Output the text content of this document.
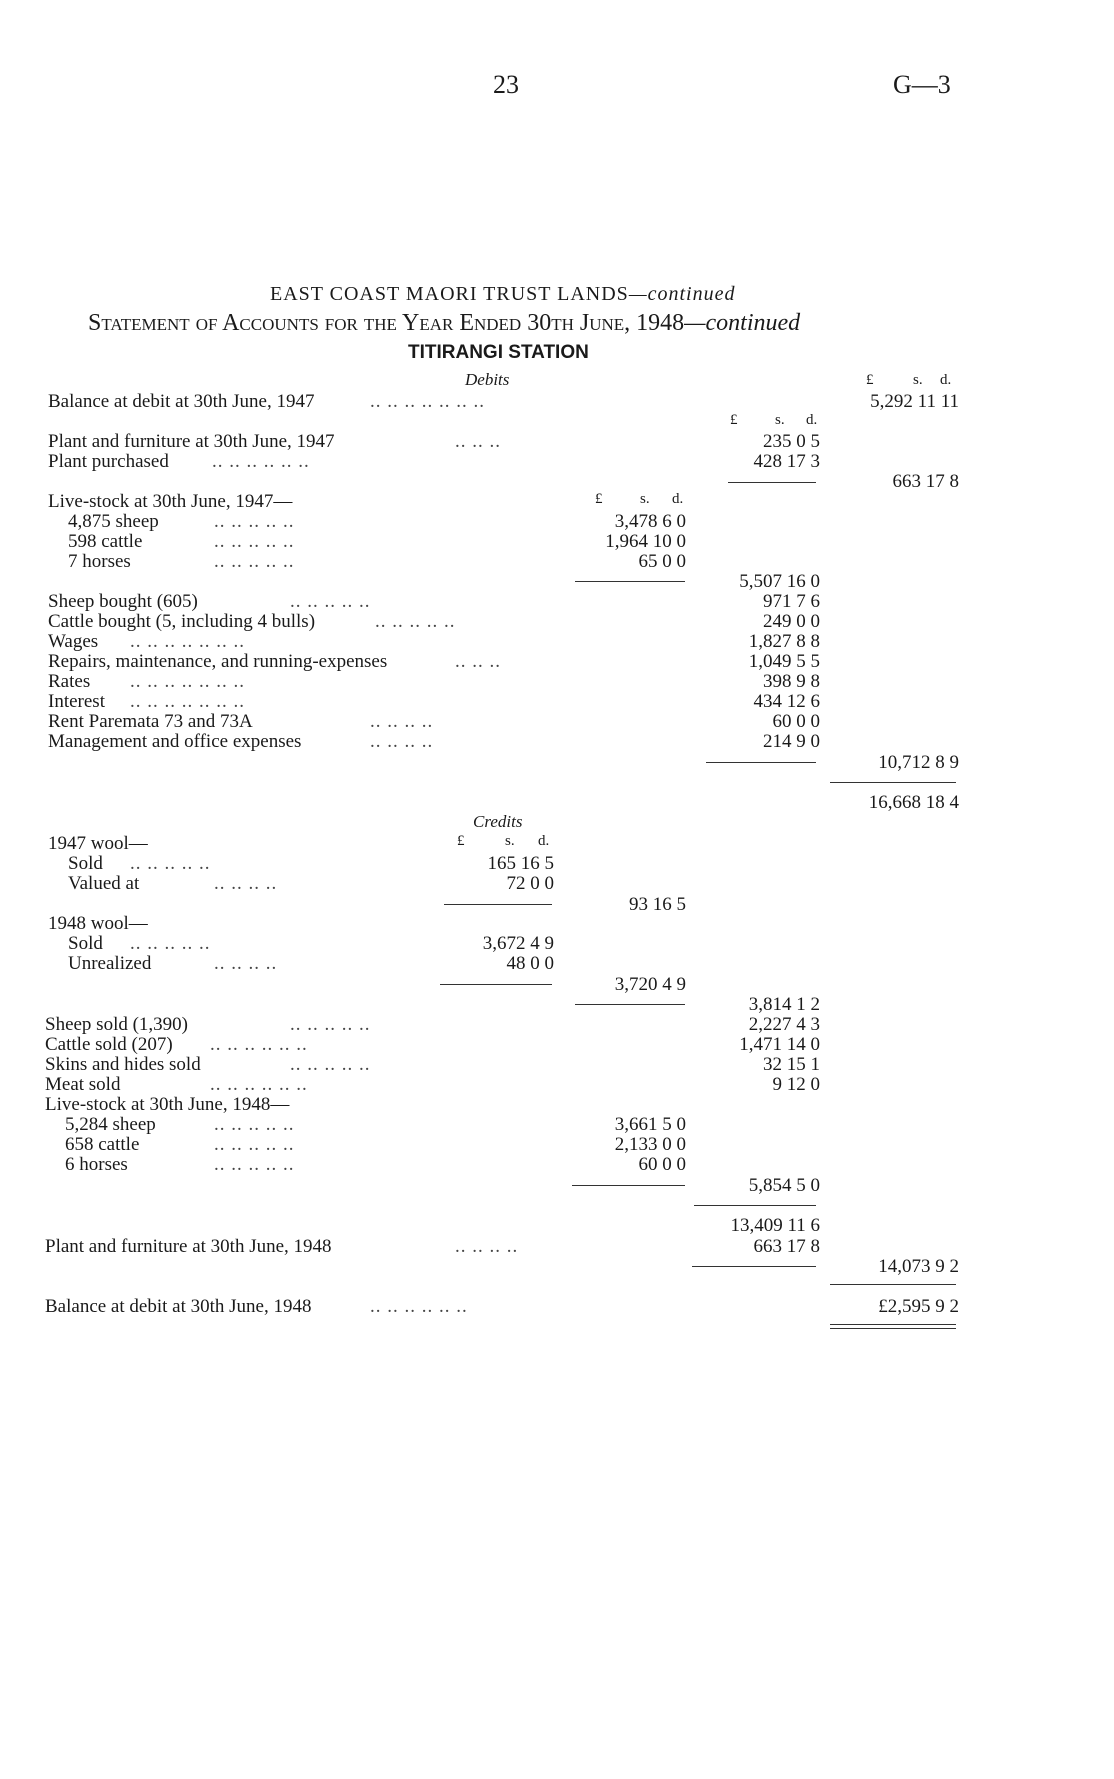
23	G—3
EAST COAST MAORI TRUST LANDS—continued
Statement of Accounts for the Year Ended 30th June, 1948—continued
TITIRANGI STATION
Debits	£	s. d.
Balance at debit at 30th June, 1947	.. .. .. .. .. .. ..	5,292 11 11
£	s. d.
Plant and furniture at 30th June, 1947	.. .. ..	235 0 5
Plant purchased .. .. .. .. .. ..	428 17 3
663 17 8
£	s. d.
Live-stock at 30th June, 1947—
4,875 sheep	.. .. .. .. ..	3,478 6 0
598 cattle	.. .. .. .. ..	1,964 10 0
7 horses	.. .. .. .. ..	65 0 0
5,507 16 0
Sheep bought (605)	.. .. .. .. ..	971 7 6
Cattle bought (5, including 4 bulls)	.. .. .. .. ..	249 0 0
Wages .. .. .. .. .. .. ..	1,827 8 8
Repairs, maintenance, and running-expenses	.. .. ..	1,049 5 5
Rates .. .. .. .. .. .. ..	398 9 8
Interest .. .. .. .. .. .. ..	434 12 6
Rent Paremata 73 and 73A	.. .. .. ..	60 0 0
Management and office expenses	.. .. .. ..	214 9 0
10,712 8 9
16,668 18 4
Credits
£	s. d.
1947 wool—
Sold .. .. .. .. ..	165 16 5
Valued at	.. .. .. ..	72 0 0
93 16 5
1948 wool—
Sold .. .. .. .. ..	3,672 4 9
Unrealized	.. .. .. ..	48 0 0
3,720 4 9
3,814 1 2
Sheep sold (1,390)	.. .. .. .. ..	2,227 4 3
Cattle sold (207) .. .. .. .. .. ..	1,471 14 0
Skins and hides sold	.. .. .. .. ..	32 15 1
Meat sold	.. .. .. .. .. ..	9 12 0
Live-stock at 30th June, 1948—
5,284 sheep	.. .. .. .. ..	3,661 5 0
658 cattle	.. .. .. .. ..	2,133 0 0
6 horses	.. .. .. .. ..	60 0 0
5,854 5 0
13,409 11 6
Plant and furniture at 30th June, 1948	.. .. .. ..	663 17 8
14,073 9 2
Balance at debit at 30th June, 1948	.. .. .. .. .. ..	£2,595 9 2
